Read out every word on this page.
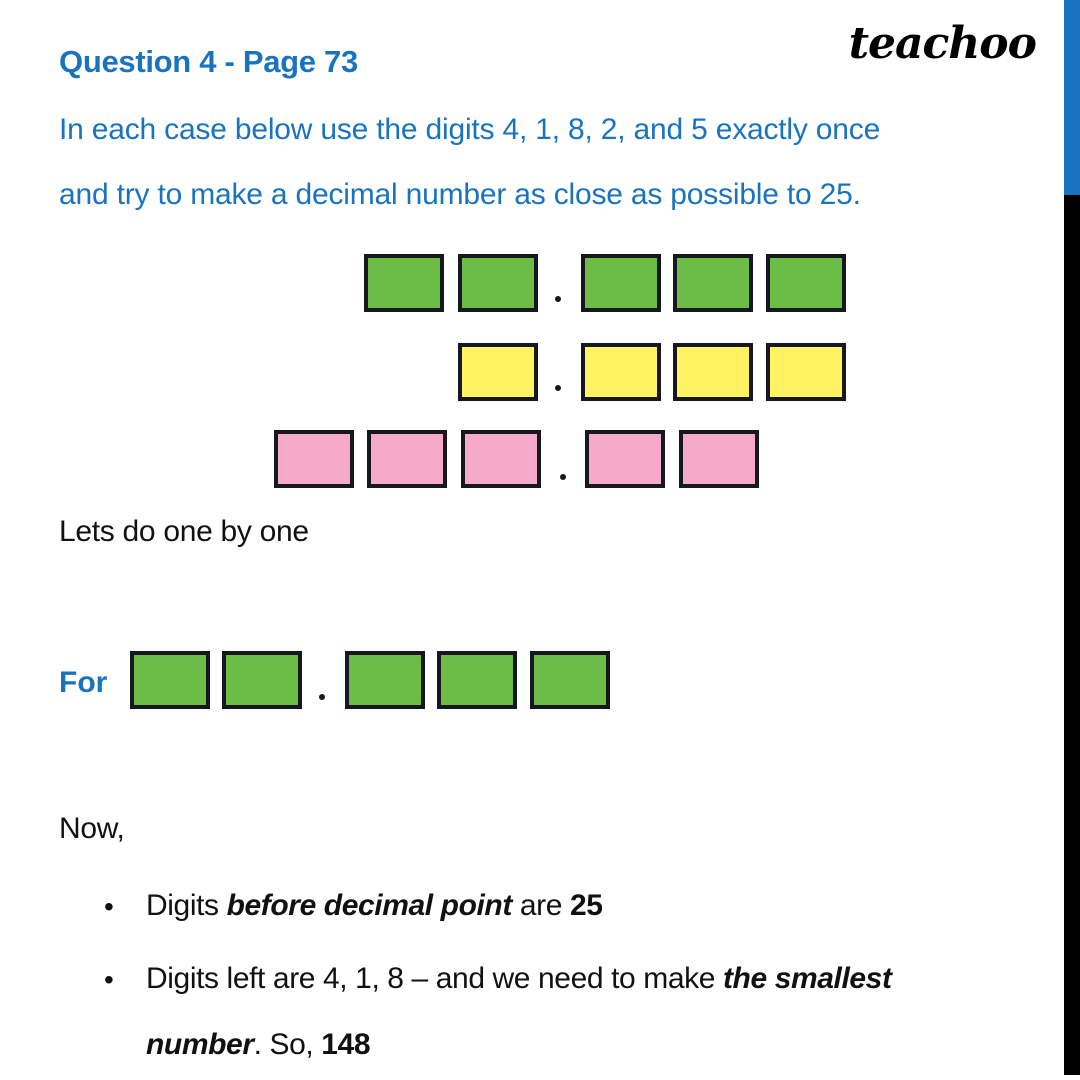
Question 4 - Page 73	teachoo
In each case below use the digits 4, 1, 8, 2, and 5 exactly once
and try to make a decimal number as close as possible to 25.
Lets do one by one
For
Now,
• Digits before decimal point are 25
• Digits left are 4, 1, 8 – and we need to make the smallest
number. So, 148
